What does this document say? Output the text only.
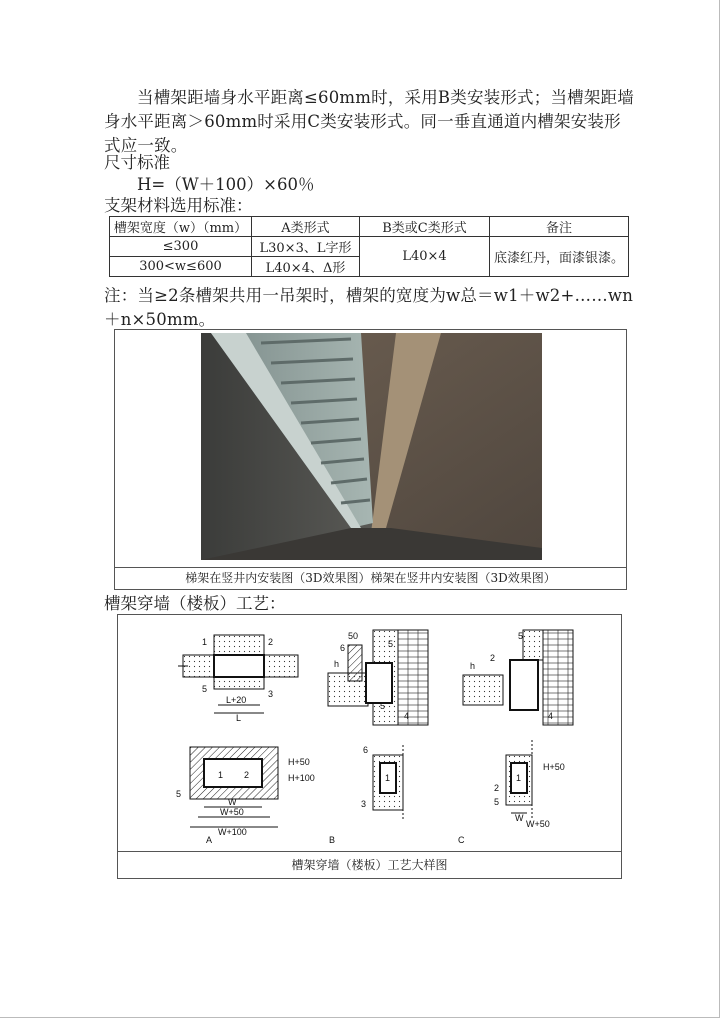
当槽架距墙身水平距离≤60mm时，采用B类安装形式；当槽架距墙身水平距离＞60mm时采用C类安装形式。同一垂直通道内槽架安装形式应一致。
尺寸标准
H=（W＋100）×60％
支架材料选用标准：
槽架宽度（w）（mm）	A类形式	B类或C类形式	备注
≤300	L30×3、L字形	L40×4	底漆红丹，面漆银漆。
300<w≤600	L40×4、Δ形		
注：当≥2条槽架共用一吊架时，槽架的宽度为w总＝w1＋w2+……wn＋n×50mm。
梯架在竖井内安装图（3D效果图）梯架在竖井内安装图（3D效果图）
槽架穿墙（楼板）工艺：
1	2
5	3
L+20
L
50
6	5
5
4
h
5
2
4
h
1 2
5
H+50
H+100
W
W+50
W+100
A
6
1
3
B
1
2
5
H+50
W
W+50
C
槽架穿墙（楼板）工艺大样图
